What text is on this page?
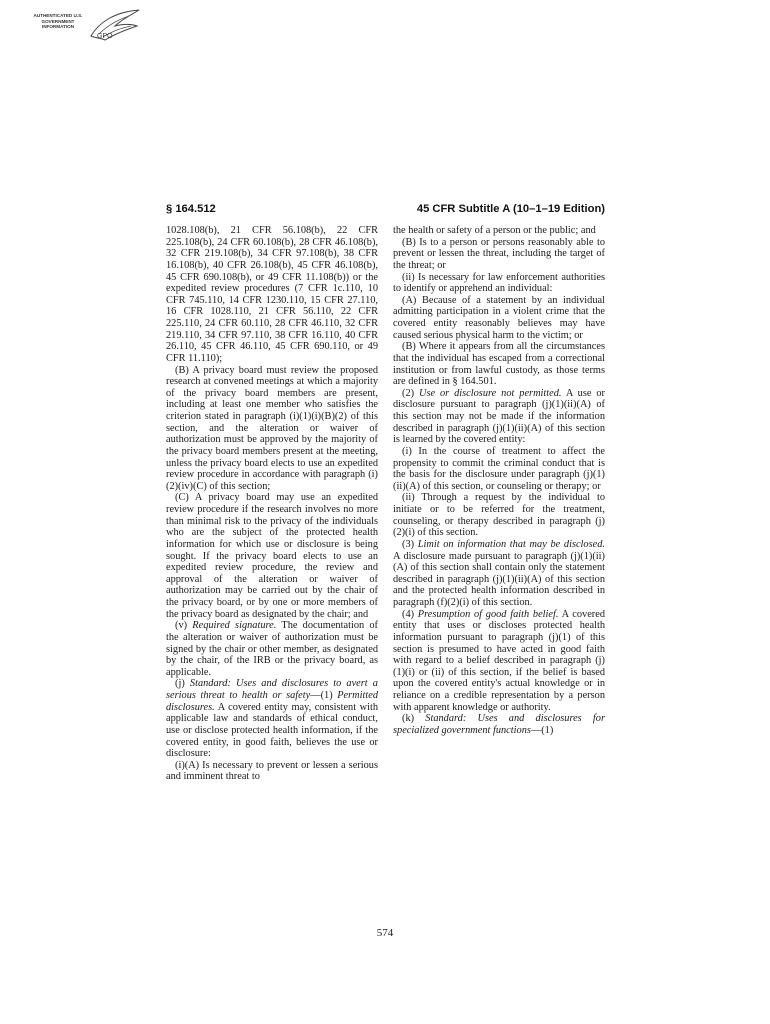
AUTHENTICATED U.S. GOVERNMENT INFORMATION
GPO
§ 164.512	45 CFR Subtitle A (10–1–19 Edition)

1028.108(b), 21 CFR 56.108(b), 22 CFR 225.108(b), 24 CFR 60.108(b), 28 CFR 46.108(b), 32 CFR 219.108(b), 34 CFR 97.108(b), 38 CFR 16.108(b), 40 CFR 26.108(b), 45 CFR 46.108(b), 45 CFR 690.108(b), or 49 CFR 11.108(b)) or the expedited review procedures (7 CFR 1c.110, 10 CFR 745.110, 14 CFR 1230.110, 15 CFR 27.110, 16 CFR 1028.110, 21 CFR 56.110, 22 CFR 225.110, 24 CFR 60.110, 28 CFR 46.110, 32 CFR 219.110, 34 CFR 97.110, 38 CFR 16.110, 40 CFR 26.110, 45 CFR 46.110, 45 CFR 690.110, or 49 CFR 11.110);

(B) A privacy board must review the proposed research at convened meetings at which a majority of the privacy board members are present, including at least one member who satisfies the criterion stated in paragraph (i)(1)(i)(B)(2) of this section, and the alteration or waiver of authorization must be approved by the majority of the privacy board members present at the meeting, unless the privacy board elects to use an expedited review procedure in accordance with paragraph (i)(2)(iv)(C) of this section;

(C) A privacy board may use an expedited review procedure if the research involves no more than minimal risk to the privacy of the individuals who are the subject of the protected health information for which use or disclosure is being sought. If the privacy board elects to use an expedited review procedure, the review and approval of the alteration or waiver of authorization may be carried out by the chair of the privacy board, or by one or more members of the privacy board as designated by the chair; and

(v) Required signature. The documentation of the alteration or waiver of authorization must be signed by the chair or other member, as designated by the chair, of the IRB or the privacy board, as applicable.

(j) Standard: Uses and disclosures to avert a serious threat to health or safety—(1) Permitted disclosures. A covered entity may, consistent with applicable law and standards of ethical conduct, use or disclose protected health information, if the covered entity, in good faith, believes the use or disclosure:

(i)(A) Is necessary to prevent or lessen a serious and imminent threat to

the health or safety of a person or the public; and

(B) Is to a person or persons reasonably able to prevent or lessen the threat, including the target of the threat; or

(ii) Is necessary for law enforcement authorities to identify or apprehend an individual:

(A) Because of a statement by an individual admitting participation in a violent crime that the covered entity reasonably believes may have caused serious physical harm to the victim; or

(B) Where it appears from all the circumstances that the individual has escaped from a correctional institution or from lawful custody, as those terms are defined in § 164.501.

(2) Use or disclosure not permitted. A use or disclosure pursuant to paragraph (j)(1)(ii)(A) of this section may not be made if the information described in paragraph (j)(1)(ii)(A) of this section is learned by the covered entity:

(i) In the course of treatment to affect the propensity to commit the criminal conduct that is the basis for the disclosure under paragraph (j)(1)(ii)(A) of this section, or counseling or therapy; or

(ii) Through a request by the individual to initiate or to be referred for the treatment, counseling, or therapy described in paragraph (j)(2)(i) of this section.

(3) Limit on information that may be disclosed. A disclosure made pursuant to paragraph (j)(1)(ii)(A) of this section shall contain only the statement described in paragraph (j)(1)(ii)(A) of this section and the protected health information described in paragraph (f)(2)(i) of this section.

(4) Presumption of good faith belief. A covered entity that uses or discloses protected health information pursuant to paragraph (j)(1) of this section is presumed to have acted in good faith with regard to a belief described in paragraph (j)(1)(i) or (ii) of this section, if the belief is based upon the covered entity's actual knowledge or in reliance on a credible representation by a person with apparent knowledge or authority.

(k) Standard: Uses and disclosures for specialized government functions—(1)

574
